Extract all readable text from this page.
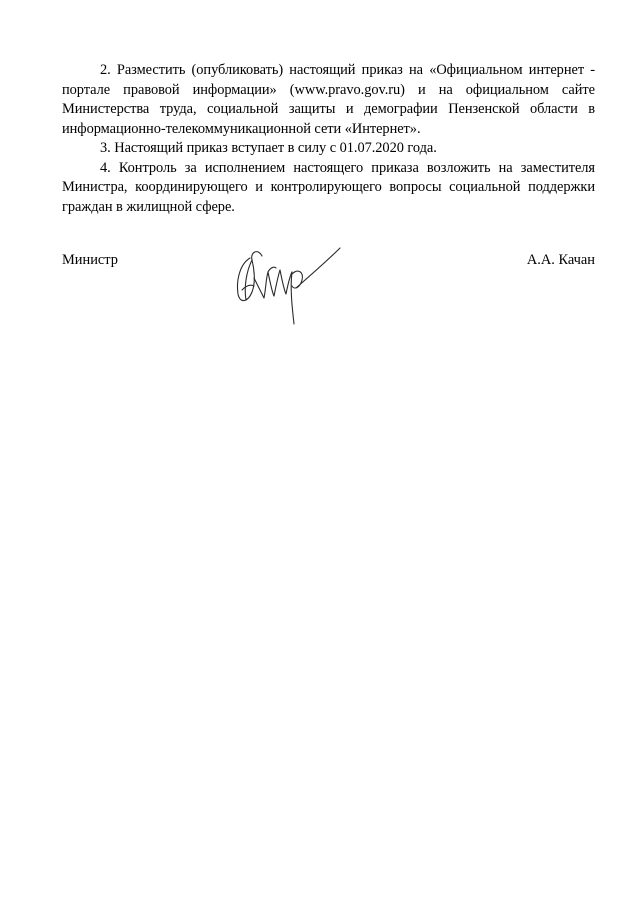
2. Разместить (опубликовать) настоящий приказ на «Официальном интернет - портале правовой информации» (www.pravo.gov.ru) и на официальном сайте Министерства труда, социальной защиты и демографии Пензенской области в информационно-телекоммуникационной сети «Интернет».

3. Настоящий приказ вступает в силу с 01.07.2020 года.

4. Контроль за исполнением настоящего приказа возложить на заместителя Министра, координирующего и контролирующего вопросы социальной поддержки граждан в жилищной сфере.

Министр	А.А. Качан
